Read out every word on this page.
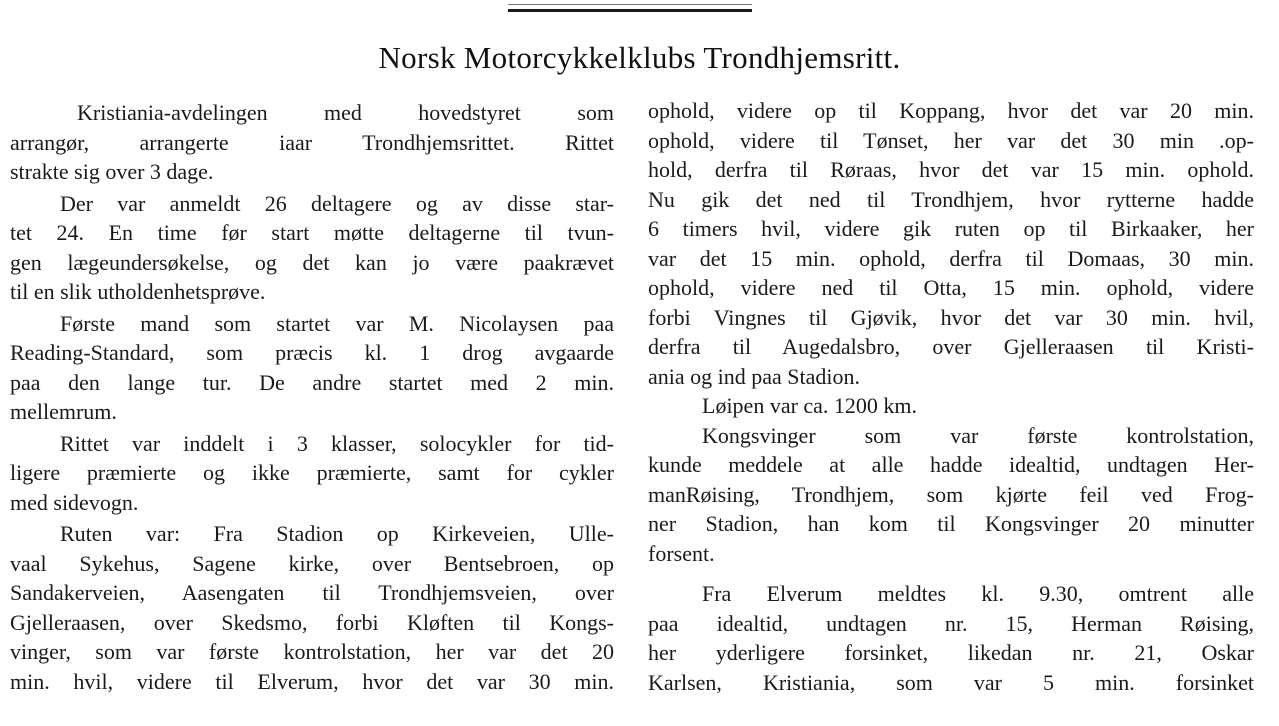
Norsk Motorcykkelklubs Trondhjemsritt.
Kristiania-avdelingen med hovedstyret som
arrangør, arrangerte iaar Trondhjemsrittet. Rittet
strakte sig over 3 dage.
Der var anmeldt 26 deltagere og av disse star-
tet 24. En time før start møtte deltagerne til tvun-
gen lægeundersøkelse, og det kan jo være paakrævet
til en slik utholdenhetsprøve.
Første mand som startet var M. Nicolaysen paa
Reading-Standard, som præcis kl. 1 drog avgaarde
paa den lange tur. De andre startet med 2 min.
mellemrum.
Rittet var inddelt i 3 klasser, solocykler for tid-
ligere præmierte og ikke præmierte, samt for cykler
med sidevogn.
Ruten var: Fra Stadion op Kirkeveien, Ulle-
vaal Sykehus, Sagene kirke, over Bentsebroen, op
Sandakerveien, Aasengaten til Trondhjemsveien, over
Gjelleraasen, over Skedsmo, forbi Kløften til Kongs-
vinger, som var første kontrolstation, her var det 20
min. hvil, videre til Elverum, hvor det var 30 min.
ophold, videre op til Koppang, hvor det var 20 min.
ophold, videre til Tønset, her var det 30 min .op-
hold, derfra til Røraas, hvor det var 15 min. ophold.
Nu gik det ned til Trondhjem, hvor rytterne hadde
6 timers hvil, videre gik ruten op til Birkaaker, her
var det 15 min. ophold, derfra til Domaas, 30 min.
ophold, videre ned til Otta, 15 min. ophold, videre
forbi Vingnes til Gjøvik, hvor det var 30 min. hvil,
derfra til Augedalsbro, over Gjelleraasen til Kristi-
ania og ind paa Stadion.
Løipen var ca. 1200 km.
Kongsvinger som var første kontrolstation,
kunde meddele at alle hadde idealtid, undtagen Her-
manRøising, Trondhjem, som kjørte feil ved Frog-
ner Stadion, han kom til Kongsvinger 20 minutter
forsent.
Fra Elverum meldtes kl. 9.30, omtrent alle
paa idealtid, undtagen nr. 15, Herman Røising,
her yderligere forsinket, likedan nr. 21, Oskar
Karlsen, Kristiania, som var 5 min. forsinket
